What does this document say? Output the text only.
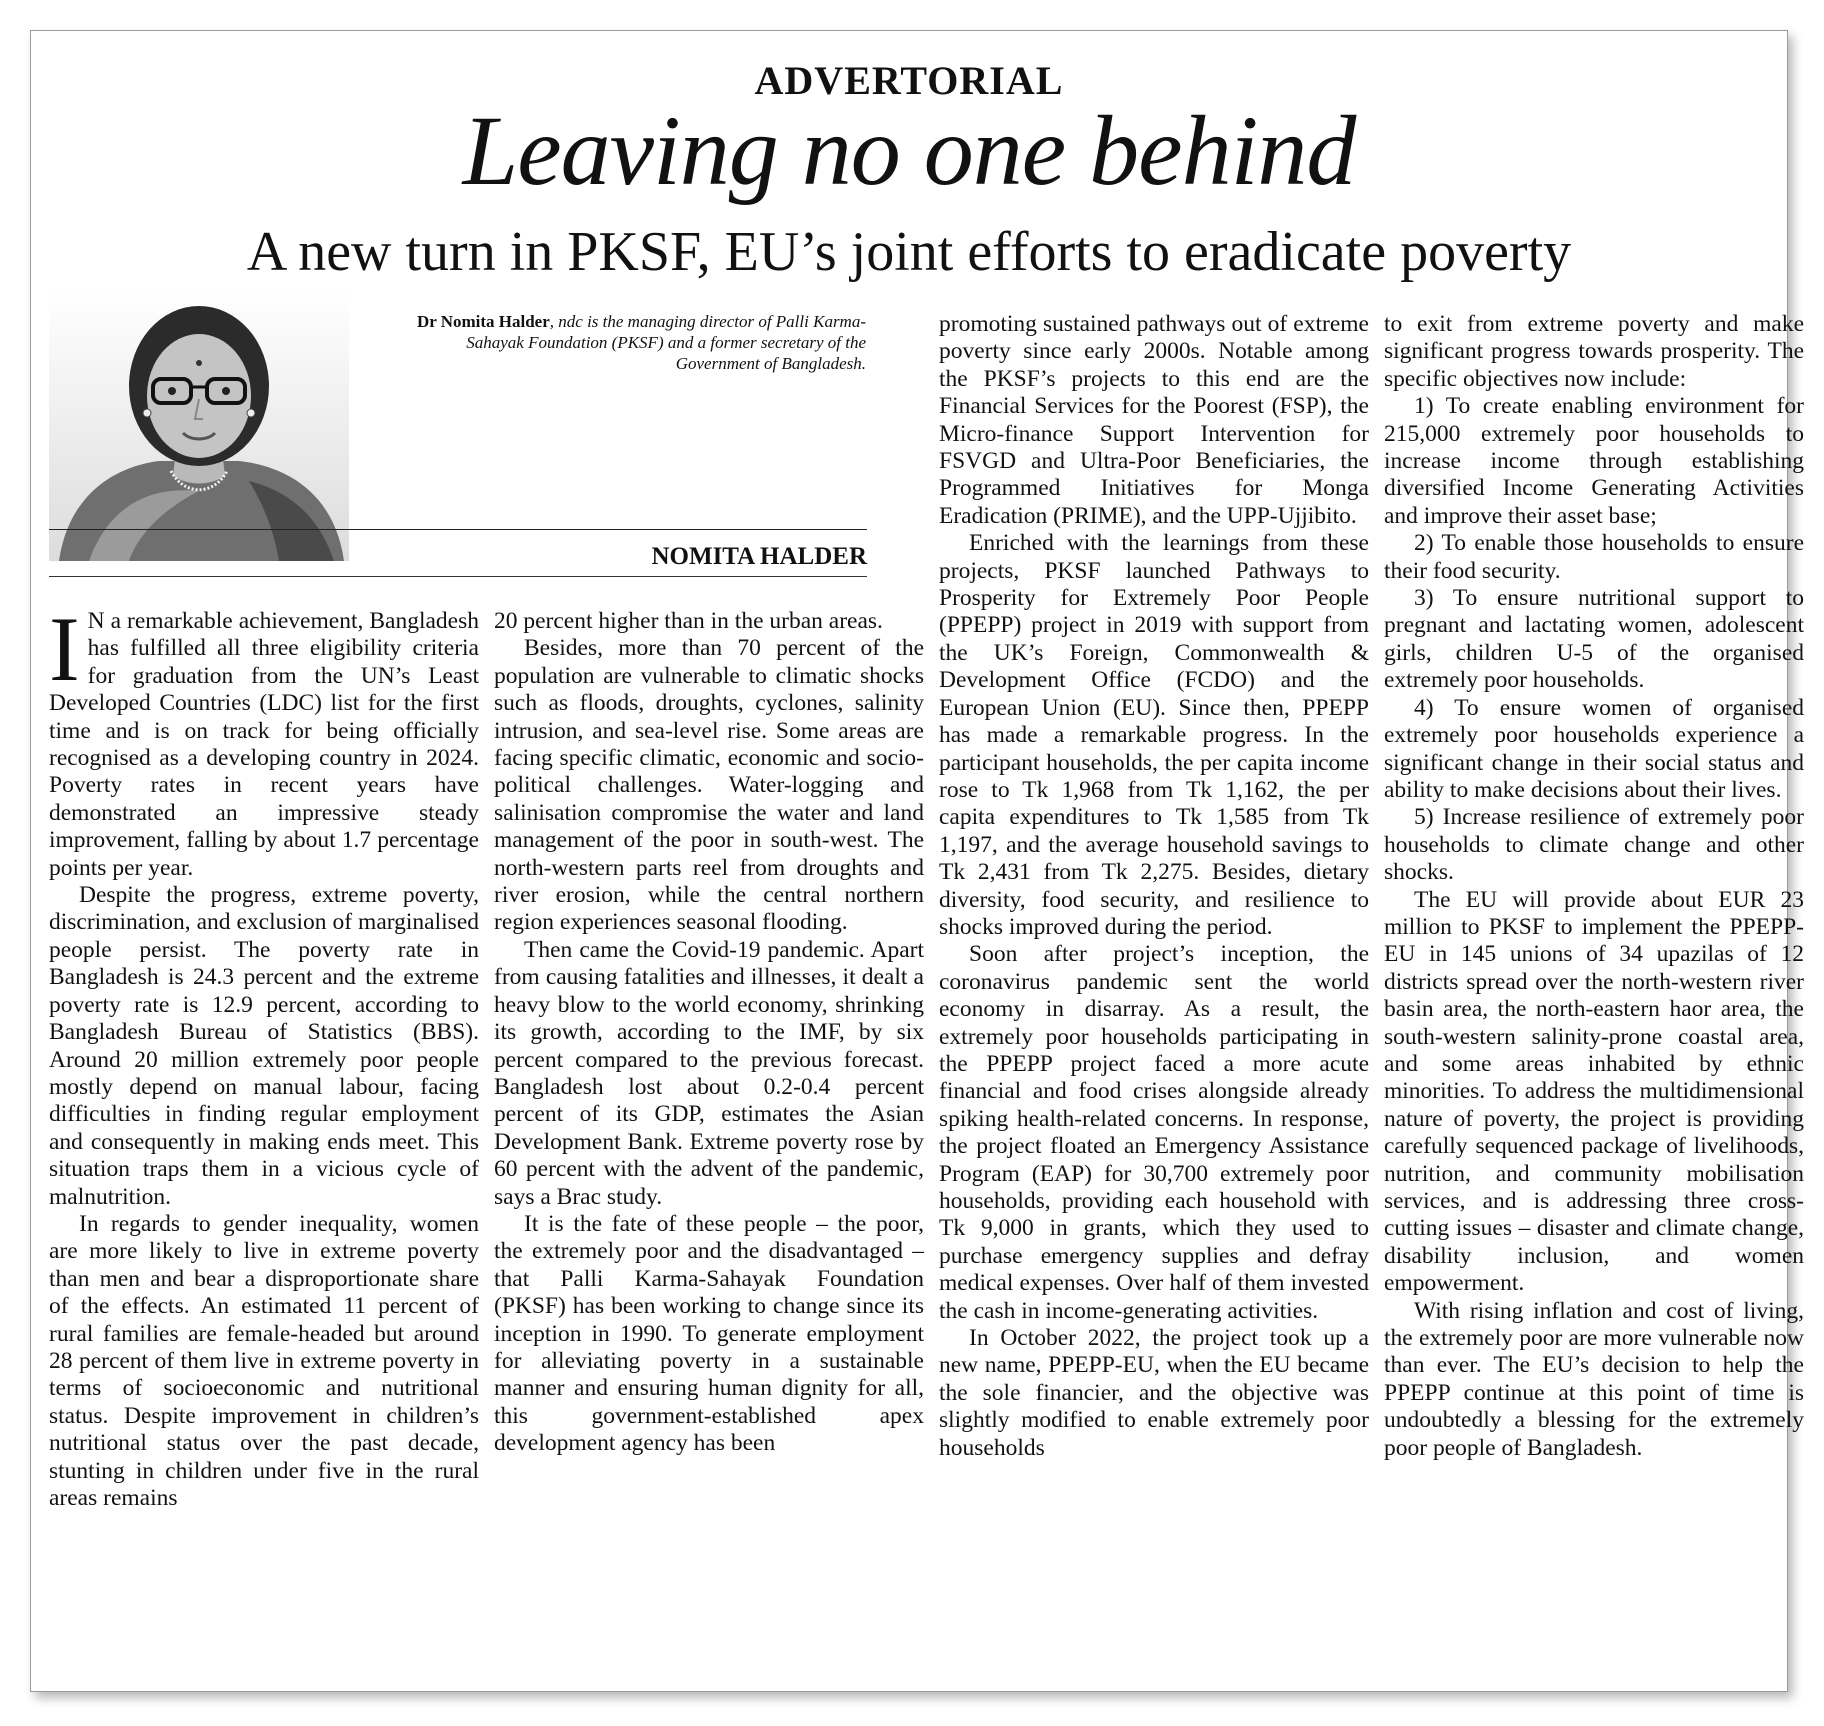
ADVERTORIAL
Leaving no one behind
A new turn in PKSF, EU’s joint efforts to eradicate poverty
Dr Nomita Halder, ndc is the managing director of Palli Karma-Sahayak Foundation (PKSF) and a former secretary of the Government of Bangladesh.
NOMITA HALDER

I N a remarkable achievement, Bangladesh has fulfilled all three eligibility criteria for graduation from the UN’s Least Developed Countries (LDC) list for the first time and is on track for being officially recognised as a developing country in 2024. Poverty rates in recent years have demonstrated an impressive steady improvement, falling by about 1.7 percentage points per year.

Despite the progress, extreme poverty, discrimination, and exclusion of marginalised people persist. The poverty rate in Bangladesh is 24.3 percent and the extreme poverty rate is 12.9 percent, according to Bangladesh Bureau of Statistics (BBS). Around 20 million extremely poor people mostly depend on manual labour, facing difficulties in finding regular employment and consequently in making ends meet. This situation traps them in a vicious cycle of malnutrition.

In regards to gender inequality, women are more likely to live in extreme poverty than men and bear a disproportionate share of the effects. An estimated 11 percent of rural families are female-headed but around 28 percent of them live in extreme poverty in terms of socioeconomic and nutritional status. Despite improvement in children’s nutritional status over the past decade, stunting in children under five in the rural areas remains

20 percent higher than in the urban areas.

Besides, more than 70 percent of the population are vulnerable to climatic shocks such as floods, droughts, cyclones, salinity intrusion, and sea-level rise. Some areas are facing specific climatic, economic and socio-political challenges. Water-logging and salinisation compromise the water and land management of the poor in south-west. The north-western parts reel from droughts and river erosion, while the central northern region experiences seasonal flooding.

Then came the Covid-19 pandemic. Apart from causing fatalities and illnesses, it dealt a heavy blow to the world economy, shrinking its growth, according to the IMF, by six percent compared to the previous forecast. Bangladesh lost about 0.2-0.4 percent percent of its GDP, estimates the Asian Development Bank. Extreme poverty rose by 60 percent with the advent of the pandemic, says a Brac study.

It is the fate of these people – the poor, the extremely poor and the disadvantaged – that Palli Karma-Sahayak Foundation (PKSF) has been working to change since its inception in 1990. To generate employment for alleviating poverty in a sustainable manner and ensuring human dignity for all, this government-established apex development agency has been

promoting sustained pathways out of extreme poverty since early 2000s. Notable among the PKSF’s projects to this end are the Financial Services for the Poorest (FSP), the Micro-finance Support Intervention for FSVGD and Ultra-Poor Beneficiaries, the Programmed Initiatives for Monga Eradication (PRIME), and the UPP-Ujjibito.

Enriched with the learnings from these projects, PKSF launched Pathways to Prosperity for Extremely Poor People (PPEPP) project in 2019 with support from the UK’s Foreign, Commonwealth & Development Office (FCDO) and the European Union (EU). Since then, PPEPP has made a remarkable progress. In the participant households, the per capita income rose to Tk 1,968 from Tk 1,162, the per capita expenditures to Tk 1,585 from Tk 1,197, and the average household savings to Tk 2,431 from Tk 2,275. Besides, dietary diversity, food security, and resilience to shocks improved during the period.

Soon after project’s inception, the coronavirus pandemic sent the world economy in disarray. As a result, the extremely poor households participating in the PPEPP project faced a more acute financial and food crises alongside already spiking health-related concerns. In response, the project floated an Emergency Assistance Program (EAP) for 30,700 extremely poor households, providing each household with Tk 9,000 in grants, which they used to purchase emergency supplies and defray medical expenses. Over half of them invested the cash in income-generating activities.

In October 2022, the project took up a new name, PPEPP-EU, when the EU became the sole financier, and the objective was slightly modified to enable extremely poor households

to exit from extreme poverty and make significant progress towards prosperity. The specific objectives now include:

1) To create enabling environment for 215,000 extremely poor households to increase income through establishing diversified Income Generating Activities and improve their asset base;

2) To enable those households to ensure their food security.

3) To ensure nutritional support to pregnant and lactating women, adolescent girls, children U-5 of the organised extremely poor households.

4) To ensure women of organised extremely poor households experience a significant change in their social status and ability to make decisions about their lives.

5) Increase resilience of extremely poor households to climate change and other shocks.

The EU will provide about EUR 23 million to PKSF to implement the PPEPP-EU in 145 unions of 34 upazilas of 12 districts spread over the north-western river basin area, the north-eastern haor area, the south-western salinity-prone coastal area, and some areas inhabited by ethnic minorities. To address the multidimensional nature of poverty, the project is providing carefully sequenced package of livelihoods, nutrition, and community mobilisation services, and is addressing three cross-cutting issues – disaster and climate change, disability inclusion, and women empowerment.

With rising inflation and cost of living, the extremely poor are more vulnerable now than ever. The EU’s decision to help the PPEPP continue at this point of time is undoubtedly a blessing for the extremely poor people of Bangladesh.
